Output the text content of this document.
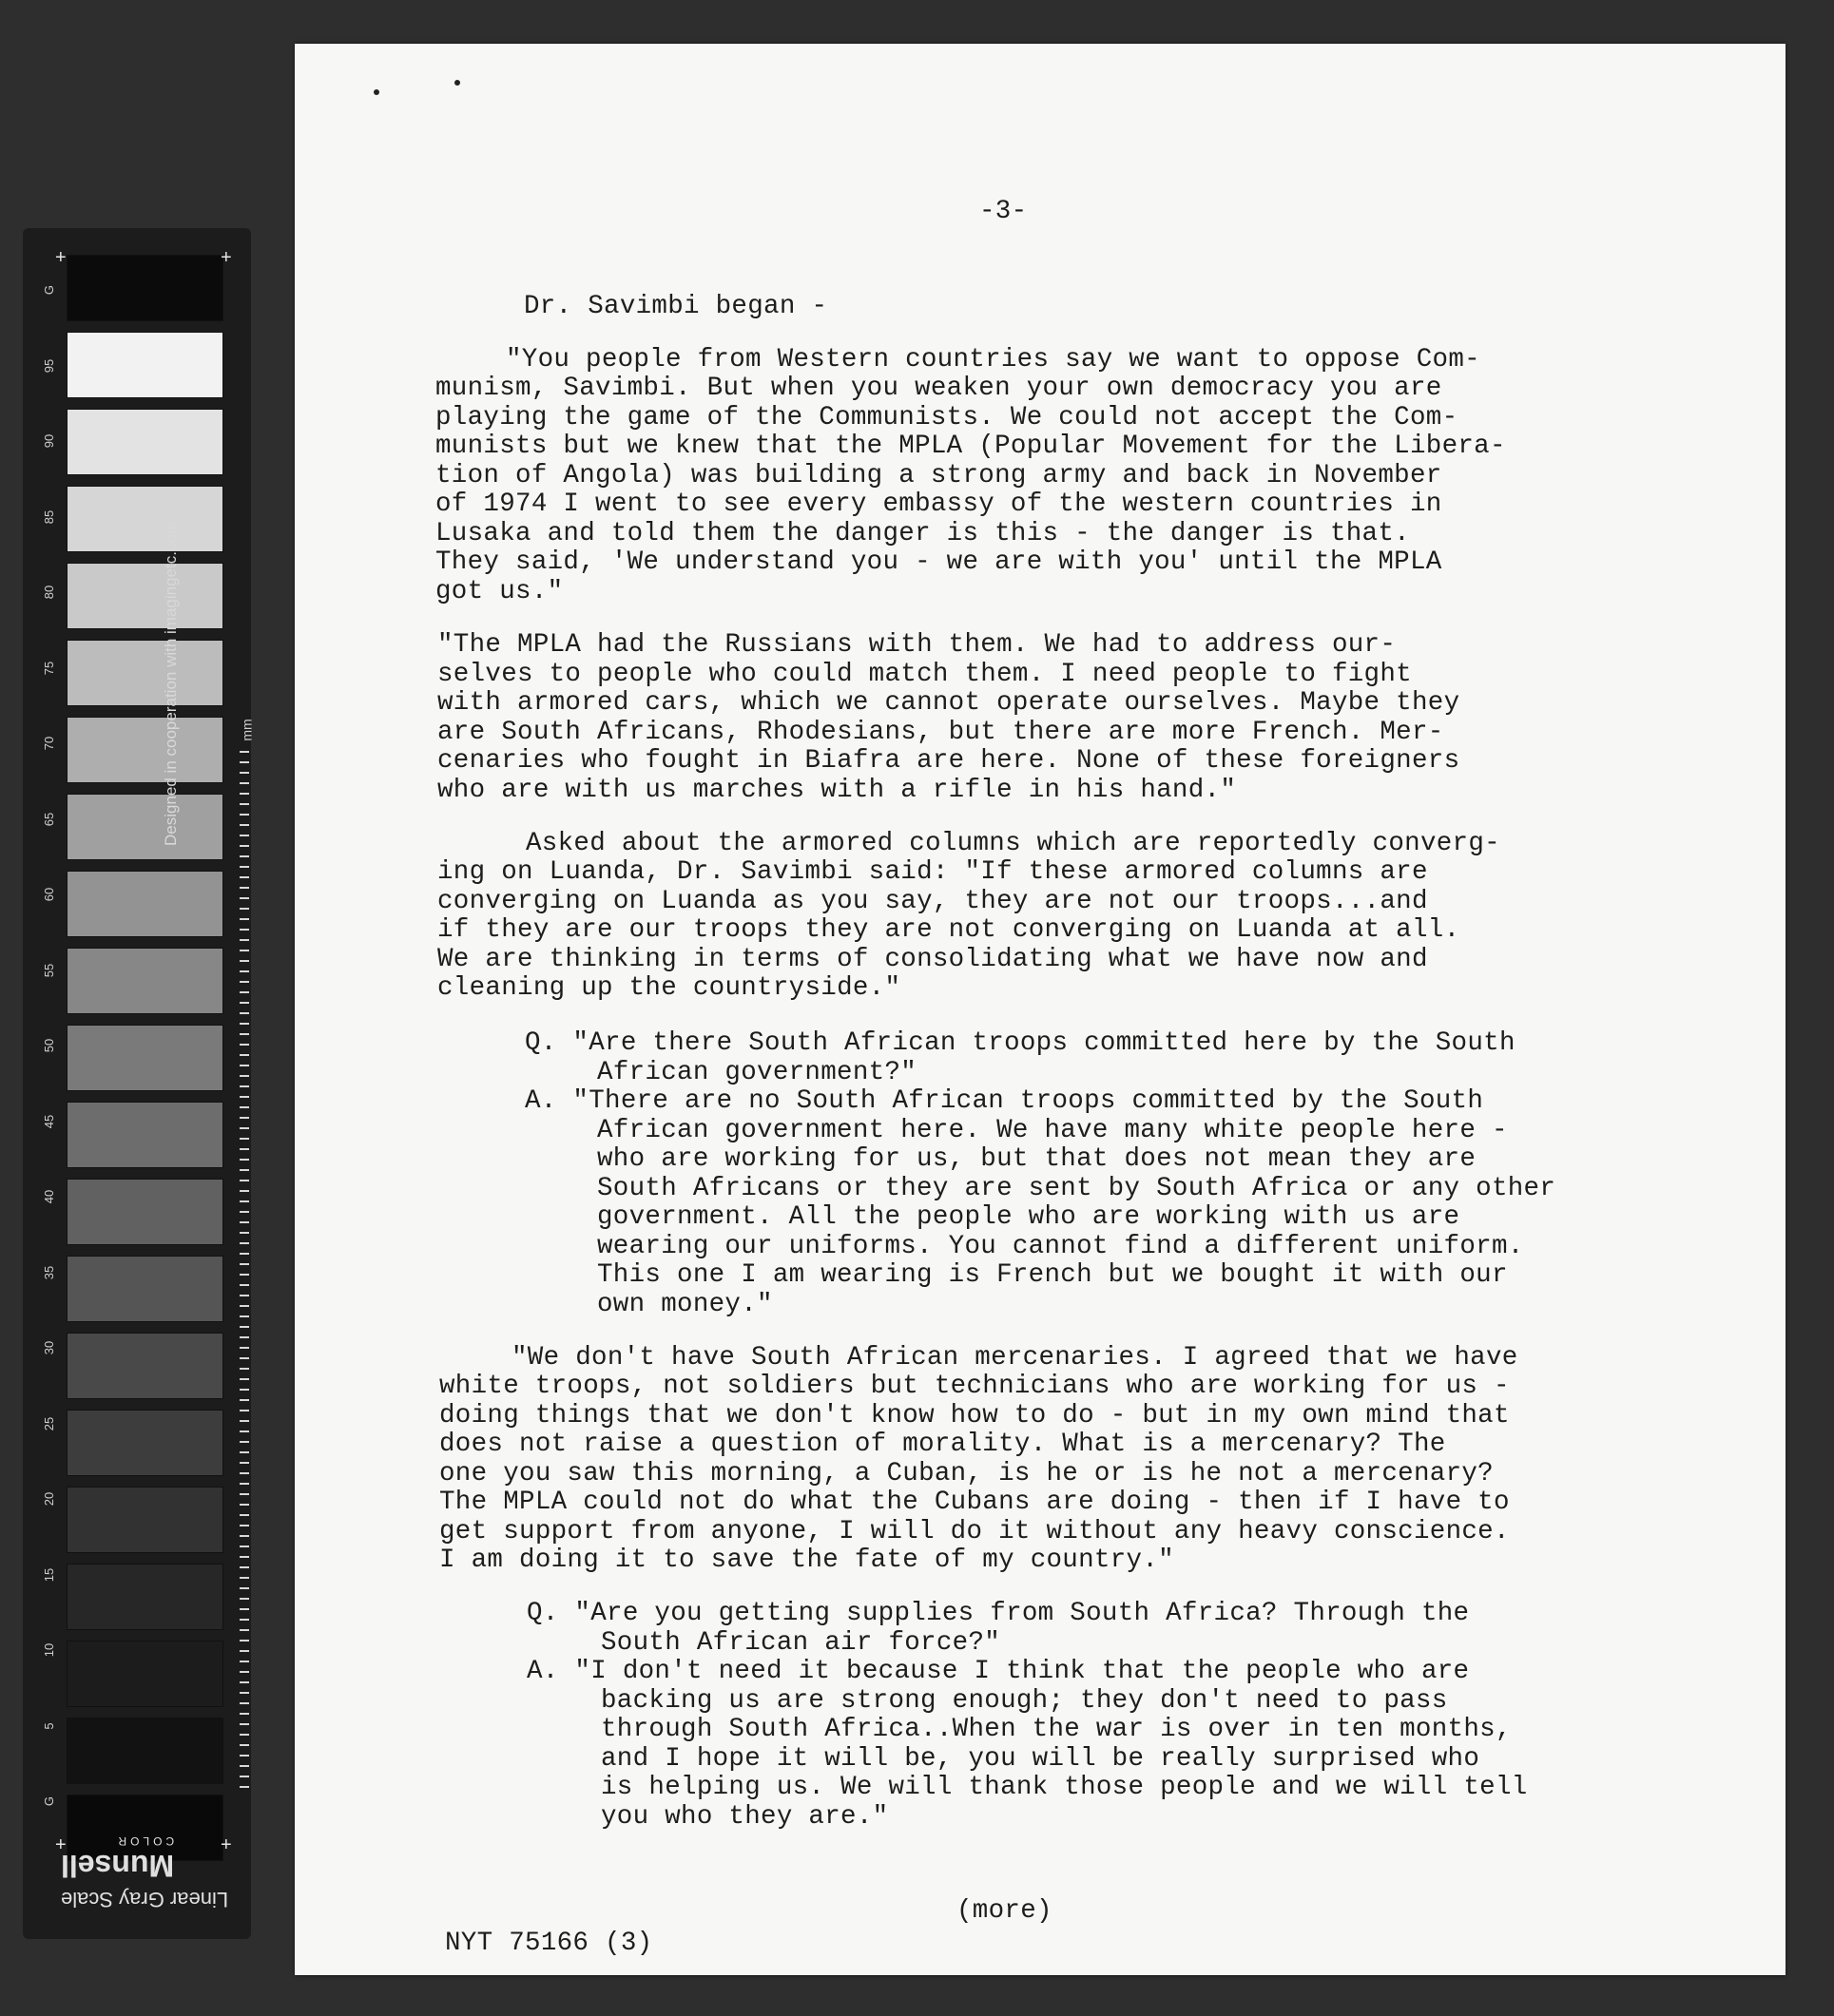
G
95
90
85
80
75
70
65
60
55
50
45
40
35
30
25
20
15
10
5
G
+	+
+	+
Designed in cooperation with imagingetc.com	mm
Linear Gray Scale
Munsell
COLOR
-3-
Dr. Savimbi began -
"You people from Western countries say we want to oppose Com-
munism, Savimbi. But when you weaken your own democracy you are
playing the game of the Communists. We could not accept the Com-
munists but we knew that the MPLA (Popular Movement for the Libera-
tion of Angola) was building a strong army and back in November
of 1974 I went to see every embassy of the western countries in
Lusaka and told them the danger is this - the danger is that.
They said, 'We understand you - we are with you' until the MPLA
got us."
"The MPLA had the Russians with them. We had to address our-
selves to people who could match them. I need people to fight
with armored cars, which we cannot operate ourselves. Maybe they
are South Africans, Rhodesians, but there are more French. Mer-
cenaries who fought in Biafra are here. None of these foreigners
who are with us marches with a rifle in his hand."
Asked about the armored columns which are reportedly converg-
ing on Luanda, Dr. Savimbi said: "If these armored columns are
converging on Luanda as you say, they are not our troops...and
if they are our troops they are not converging on Luanda at all.
We are thinking in terms of consolidating what we have now and
cleaning up the countryside."
Q. "Are there South African troops committed here by the South
African government?"
A. "There are no South African troops committed by the South
African government here. We have many white people here -
who are working for us, but that does not mean they are
South Africans or they are sent by South Africa or any other
government. All the people who are working with us are
wearing our uniforms. You cannot find a different uniform.
This one I am wearing is French but we bought it with our
own money."
"We don't have South African mercenaries. I agreed that we have
white troops, not soldiers but technicians who are working for us -
doing things that we don't know how to do - but in my own mind that
does not raise a question of morality. What is a mercenary? The
one you saw this morning, a Cuban, is he or is he not a mercenary?
The MPLA could not do what the Cubans are doing - then if I have to
get support from anyone, I will do it without any heavy conscience.
I am doing it to save the fate of my country."
Q. "Are you getting supplies from South Africa? Through the
South African air force?"
A. "I don't need it because I think that the people who are
backing us are strong enough; they don't need to pass
through South Africa..When the war is over in ten months,
and I hope it will be, you will be really surprised who
is helping us. We will thank those people and we will tell
you who they are."
(more)
NYT 75166 (3)
